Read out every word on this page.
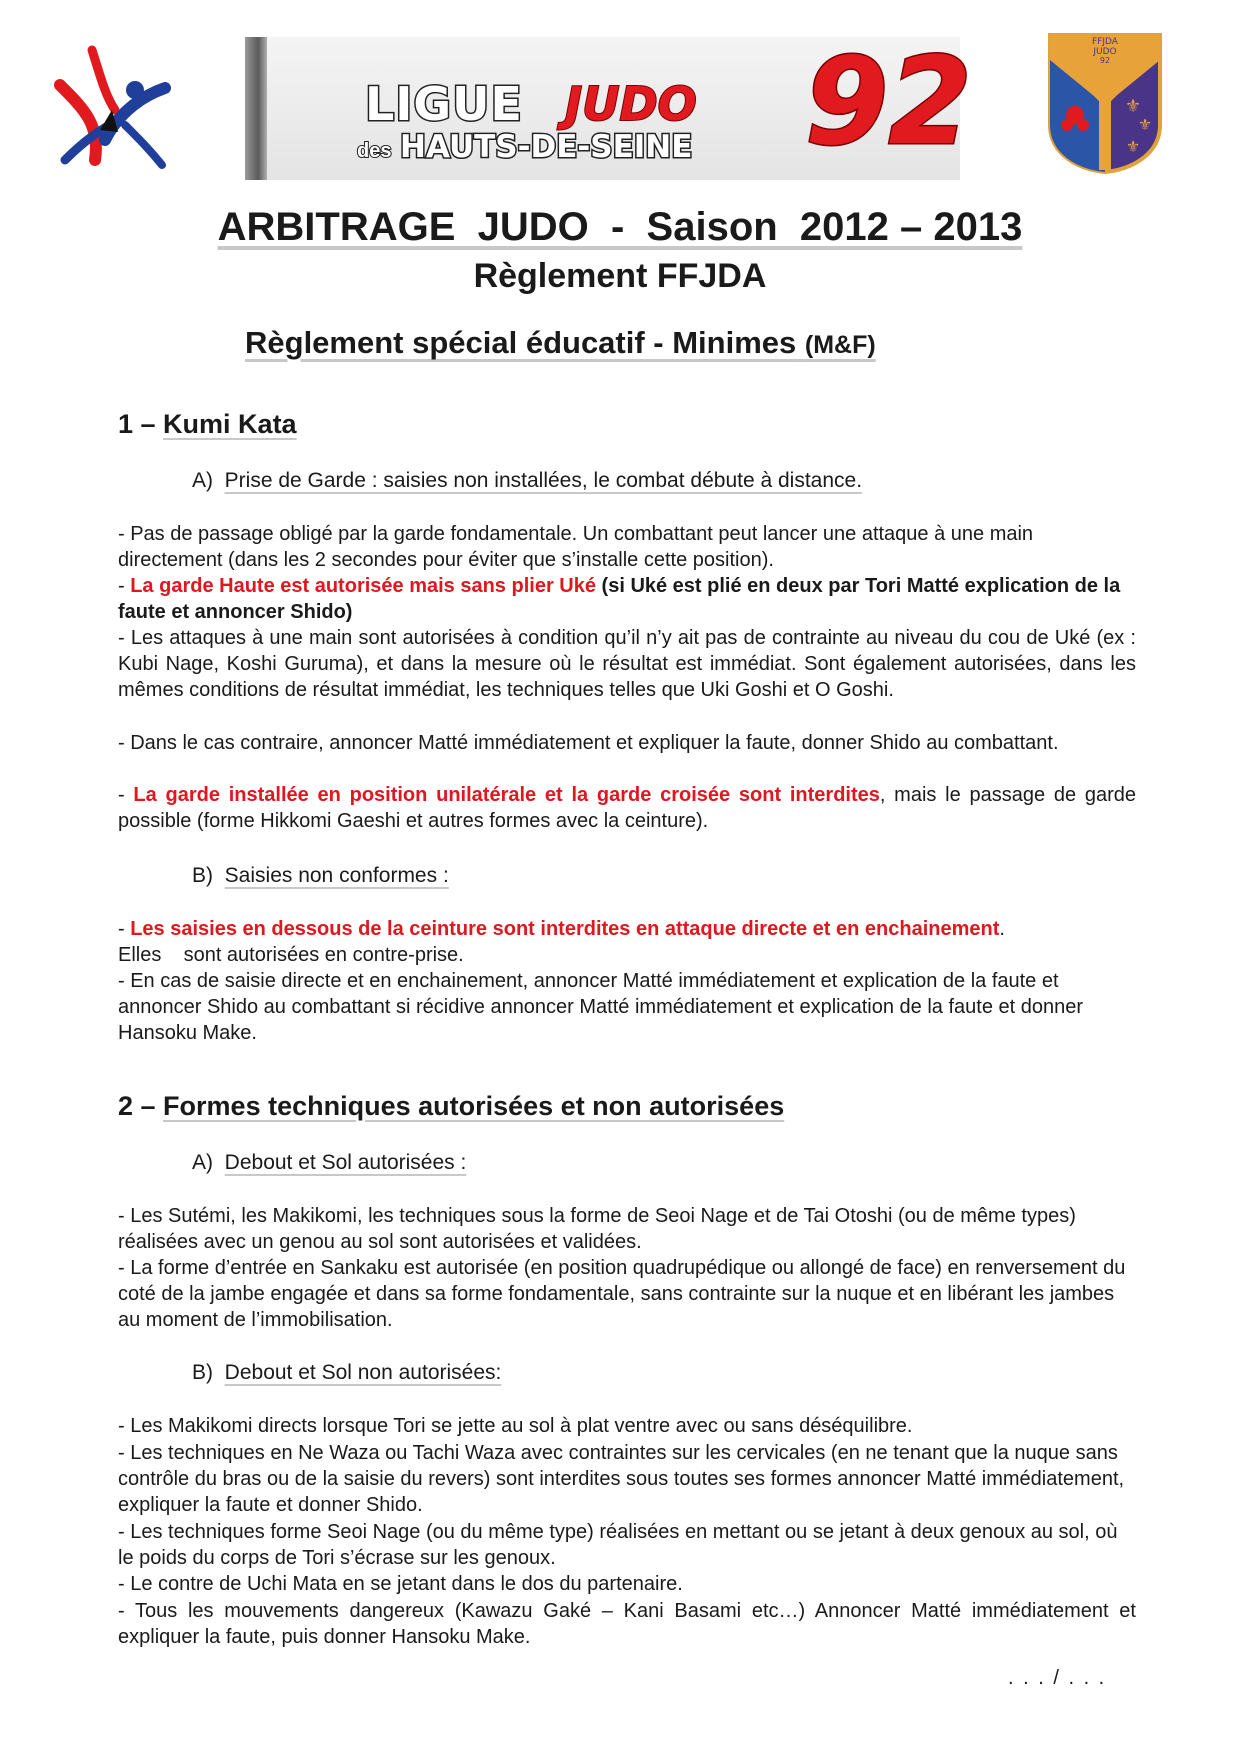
LIGUE JUDO
des HAUTS-DE-SEINE 92	⚜
⚜
⚜
FFJDA
JUDO
92
ARBITRAGE  JUDO  -  Saison  2012 – 2013
Règlement FFJDA
Règlement spécial éducatif - Minimes (M&F)
1 – Kumi Kata
A) Prise de Garde : saisies non installées, le combat débute à distance.
- Pas de passage obligé par la garde fondamentale. Un combattant peut lancer une attaque à une main directement (dans les 2 secondes pour éviter que s’installe cette position).
- La garde Haute est autorisée mais sans plier Uké (si Uké est plié en deux par Tori Matté explication de la faute et annoncer Shido)
- Les attaques à une main sont autorisées à condition qu’il n’y ait pas de contrainte au niveau du cou de Uké (ex : Kubi Nage, Koshi Guruma), et dans la mesure où le résultat est immédiat. Sont également autorisées, dans les mêmes conditions de résultat immédiat, les techniques telles que Uki Goshi et O Goshi.
- Dans le cas contraire, annoncer Matté immédiatement et expliquer la faute, donner Shido au combattant.
- La garde installée en position unilatérale et la garde croisée sont interdites, mais le passage de garde possible (forme Hikkomi Gaeshi et autres formes avec la ceinture).
B) Saisies non conformes :
- Les saisies en dessous de la ceinture sont interdites en attaque directe et en enchainement.
Elles    sont autorisées en contre-prise.
- En cas de saisie directe et en enchainement, annoncer Matté immédiatement et explication de la faute et annoncer Shido au combattant si récidive annoncer Matté immédiatement et explication de la faute et donner Hansoku Make.
2 – Formes techniques autorisées et non autorisées
A) Debout et Sol autorisées :
- Les Sutémi, les Makikomi, les techniques sous la forme de Seoi Nage et de Tai Otoshi (ou de même types)    réalisées avec un genou au sol sont autorisées et validées.
- La forme d’entrée en Sankaku est autorisée (en position quadrupédique ou allongé de face) en renversement du coté de la jambe engagée et dans sa forme fondamentale, sans contrainte sur la nuque et en libérant les jambes au moment de l’immobilisation.
B) Debout et Sol non autorisées:
- Les Makikomi directs lorsque Tori se jette au sol à plat ventre avec ou sans déséquilibre.
- Les techniques en Ne Waza ou Tachi Waza avec contraintes sur les cervicales (en ne tenant que la nuque sans contrôle du bras ou de la saisie du revers) sont interdites sous toutes ses formes annoncer Matté immédiatement, expliquer la faute et donner Shido.
- Les techniques forme Seoi Nage (ou du même type) réalisées en mettant ou se jetant à deux genoux au sol, où le poids du corps de Tori s’écrase sur les genoux.
- Le contre de Uchi Mata en se jetant dans le dos du partenaire.
- Tous les mouvements dangereux (Kawazu Gaké – Kani Basami etc…) Annoncer Matté immédiatement et expliquer la faute, puis donner Hansoku Make.
. . . / . . .
